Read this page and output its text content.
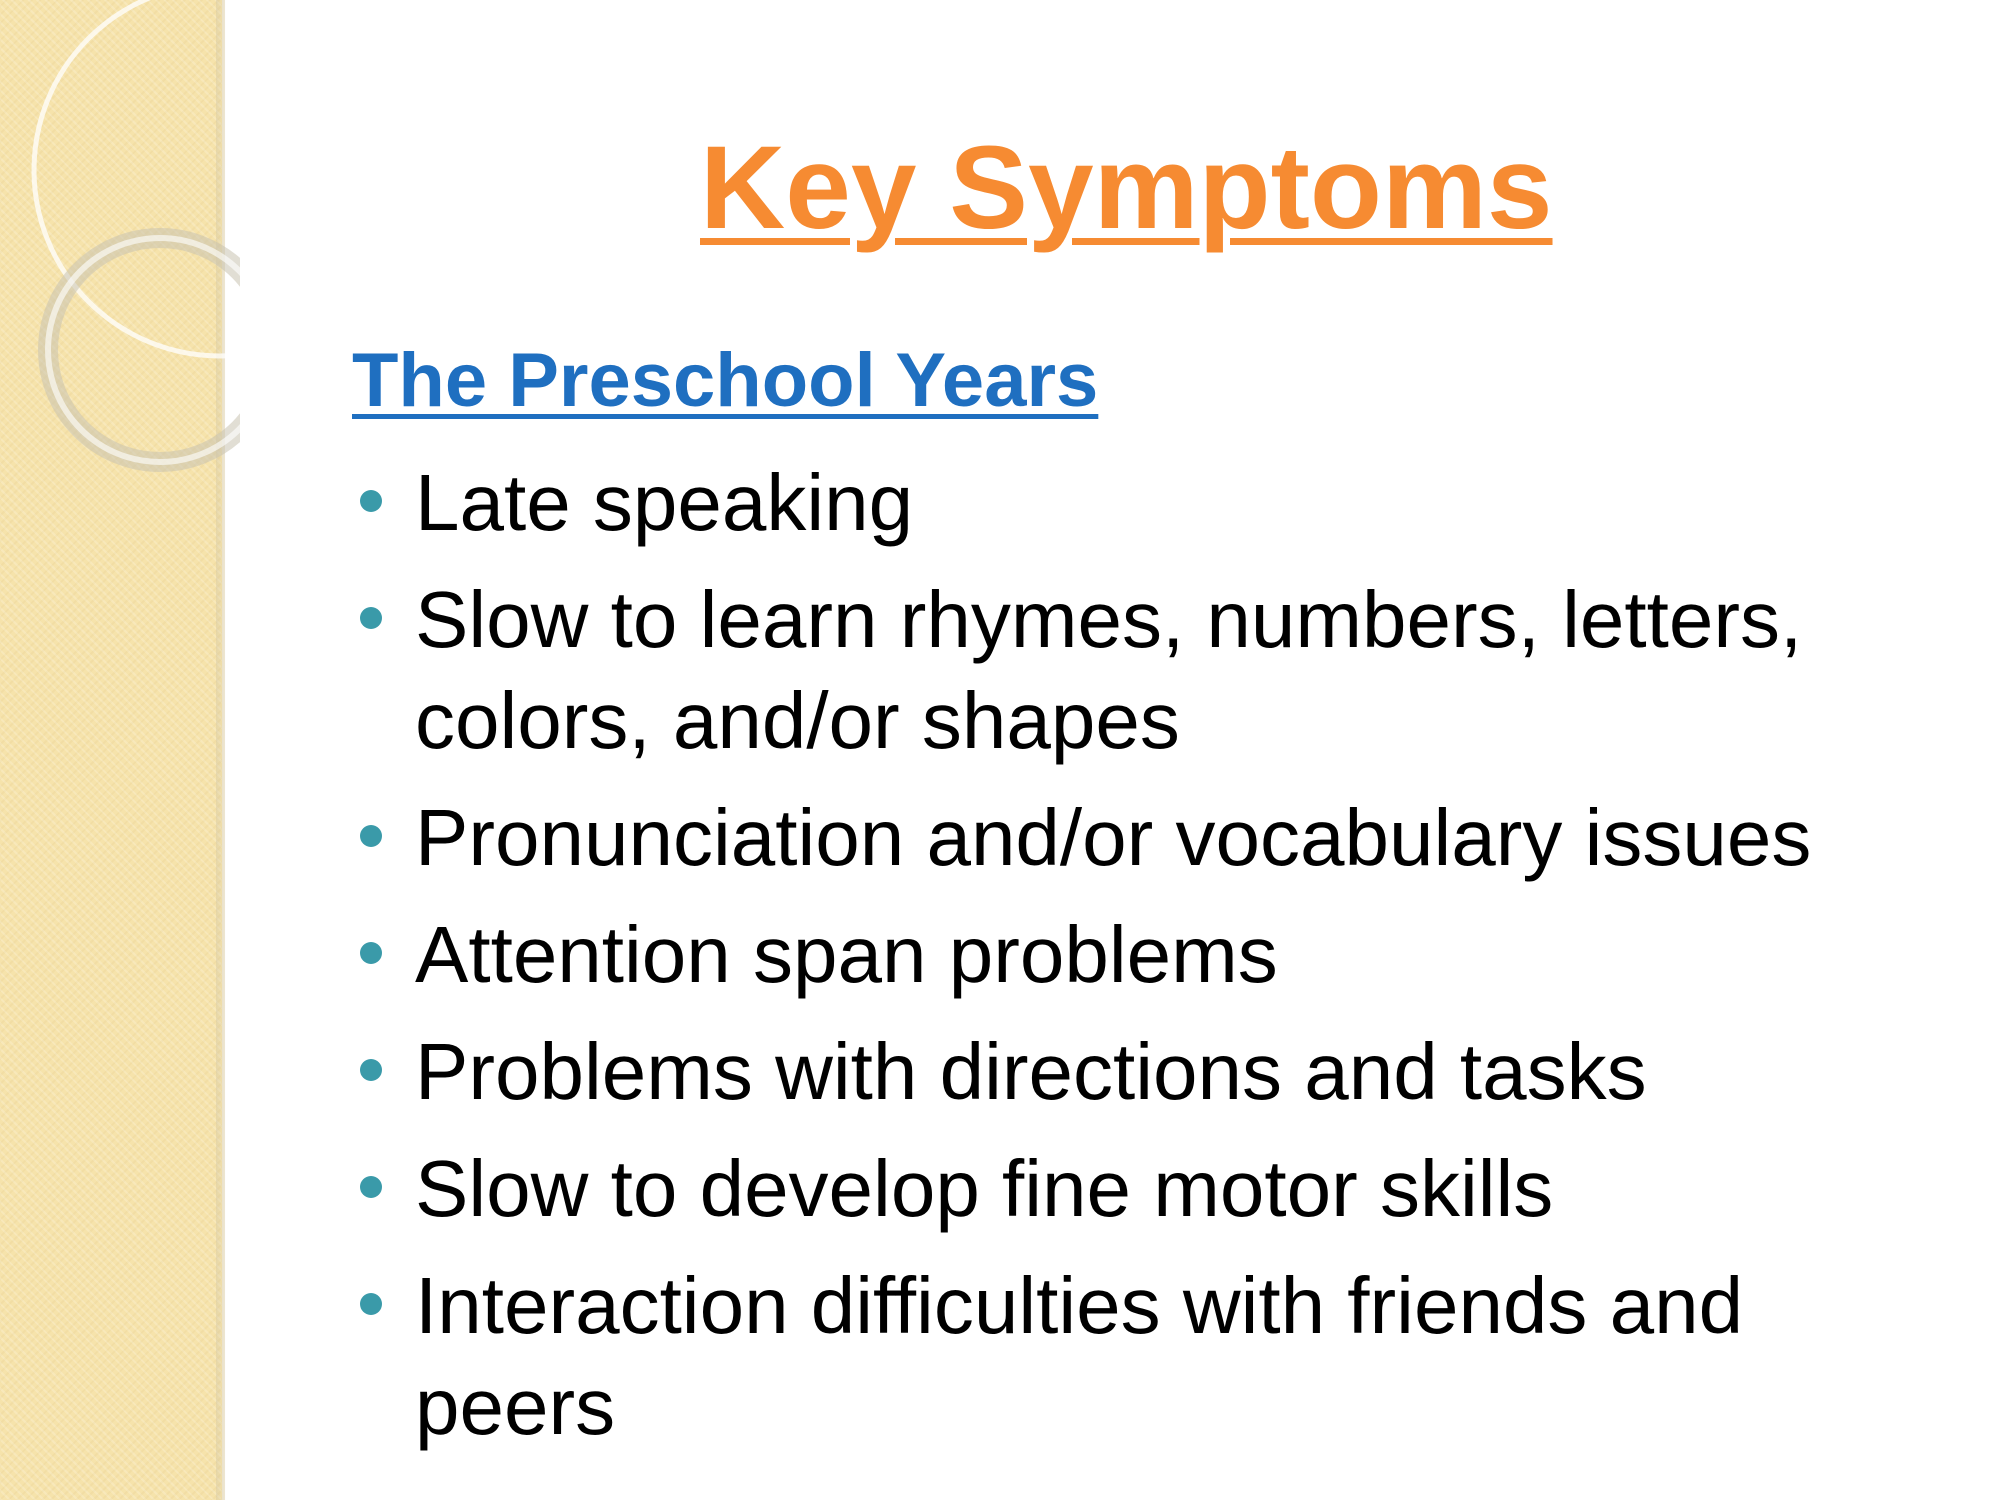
Key Symptoms
The Preschool Years
Late speaking
Slow to learn rhymes, numbers, letters, colors, and/or shapes
Pronunciation and/or vocabulary issues
Attention span problems
Problems with directions and tasks
Slow to develop fine motor skills
Interaction difficulties with friends and peers
